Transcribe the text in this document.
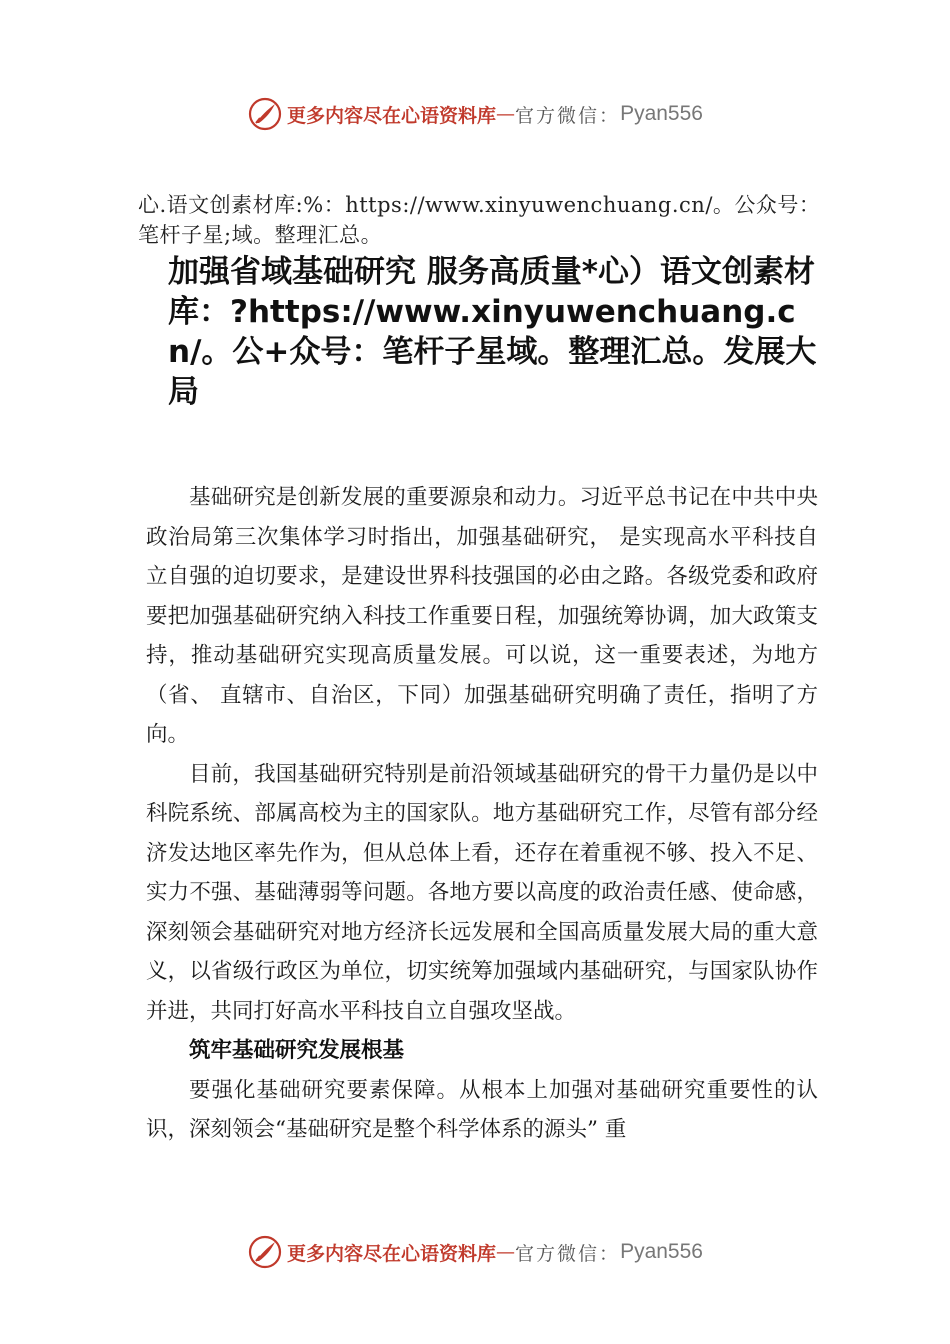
更多内容尽在心语资料库 — 官方微信： Pyan556
心.语文创素材库:%：https://www.xinyuwenchuang.cn/。公众号：笔杆子星;域。整理汇总。
加强省域基础研究 服务高质量*心）语文创素材库：?https://www.xinyuwenchuang.cn/。公+众号：笔杆子星域。整理汇总。发展大局

基础研究是创新发展的重要源泉和动力。习近平总书记在中共中央政治局第三次集体学习时指出，加强基础研究， 是实现高水平科技自立自强的迫切要求，是建设世界科技强国的必由之路。各级党委和政府要把加强基础研究纳入科技工作重要日程，加强统筹协调，加大政策支持，推动基础研究实现高质量发展。可以说，这一重要表述，为地方（省、 直辖市、自治区，下同）加强基础研究明确了责任，指明了方向。

目前，我国基础研究特别是前沿领域基础研究的骨干力量仍是以中科院系统、部属高校为主的国家队。地方基础研究工作，尽管有部分经济发达地区率先作为，但从总体上看，还存在着重视不够、投入不足、实力不强、基础薄弱等问题。各地方要以高度的政治责任感、使命感，深刻领会基础研究对地方经济长远发展和全国高质量发展大局的重大意义，以省级行政区为单位，切实统筹加强域内基础研究，与国家队协作并进，共同打好高水平科技自立自强攻坚战。

筑牢基础研究发展根基

要强化基础研究要素保障。从根本上加强对基础研究重要性的认识，深刻领会“基础研究是整个科学体系的源头” 重

更多内容尽在心语资料库 — 官方微信： Pyan556
